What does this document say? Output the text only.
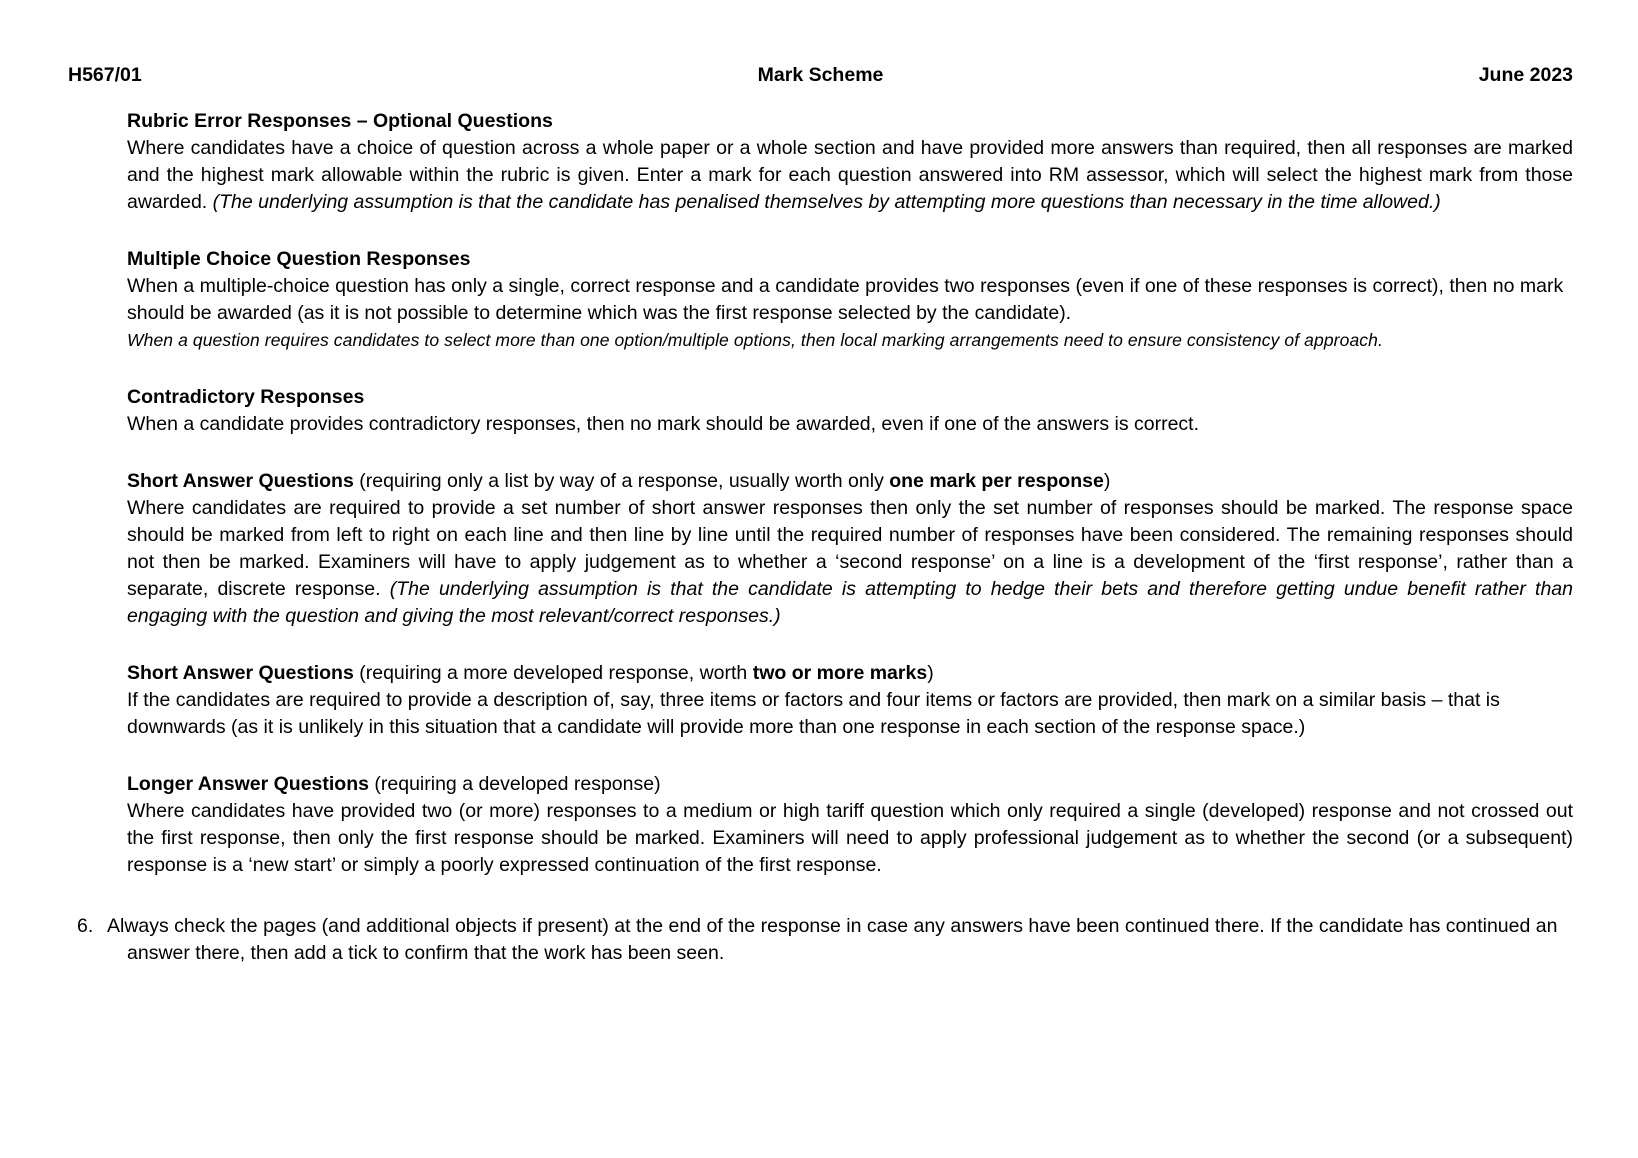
H567/01	Mark Scheme	June 2023

Rubric Error Responses – Optional Questions

Where candidates have a choice of question across a whole paper or a whole section and have provided more answers than required, then all responses are marked and the highest mark allowable within the rubric is given. Enter a mark for each question answered into RM assessor, which will select the highest mark from those awarded. (The underlying assumption is that the candidate has penalised themselves by attempting more questions than necessary in the time allowed.)

Multiple Choice Question Responses

When a multiple-choice question has only a single, correct response and a candidate provides two responses (even if one of these responses is correct), then no mark should be awarded (as it is not possible to determine which was the first response selected by the candidate).

When a question requires candidates to select more than one option/multiple options, then local marking arrangements need to ensure consistency of approach.

Contradictory Responses

When a candidate provides contradictory responses, then no mark should be awarded, even if one of the answers is correct.

Short Answer Questions (requiring only a list by way of a response, usually worth only one mark per response)

Where candidates are required to provide a set number of short answer responses then only the set number of responses should be marked. The response space should be marked from left to right on each line and then line by line until the required number of responses have been considered. The remaining responses should not then be marked. Examiners will have to apply judgement as to whether a ‘second response’ on a line is a development of the ‘first response’, rather than a separate, discrete response. (The underlying assumption is that the candidate is attempting to hedge their bets and therefore getting undue benefit rather than engaging with the question and giving the most relevant/correct responses.)

Short Answer Questions (requiring a more developed response, worth two or more marks)

If the candidates are required to provide a description of, say, three items or factors and four items or factors are provided, then mark on a similar basis – that is downwards (as it is unlikely in this situation that a candidate will provide more than one response in each section of the response space.)

Longer Answer Questions (requiring a developed response)

Where candidates have provided two (or more) responses to a medium or high tariff question which only required a single (developed) response and not crossed out the first response, then only the first response should be marked. Examiners will need to apply professional judgement as to whether the second (or a subsequent) response is a ‘new start’ or simply a poorly expressed continuation of the first response.

6. Always check the pages (and additional objects if present) at the end of the response in case any answers have been continued there. If the candidate has continued an answer there, then add a tick to confirm that the work has been seen.
